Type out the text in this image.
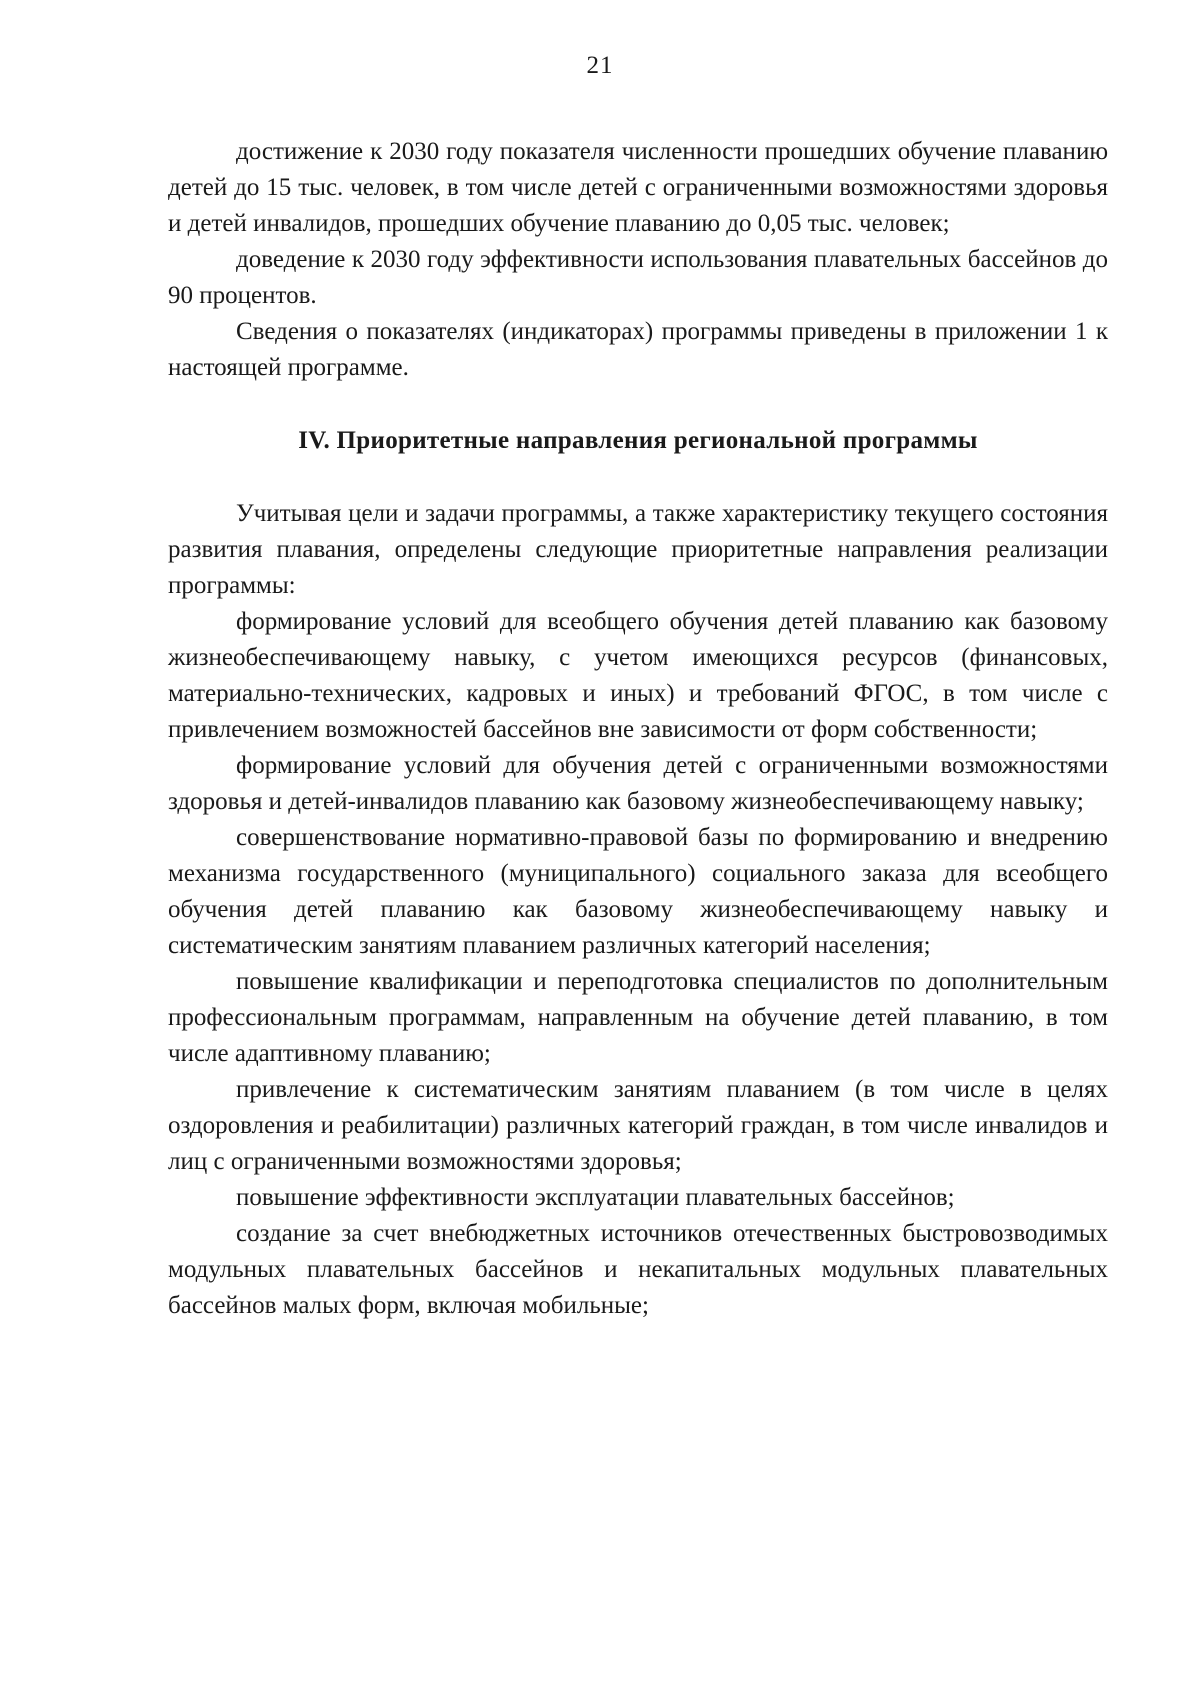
21

достижение к 2030 году показателя численности прошедших обучение плаванию детей до 15 тыс. человек, в том числе детей с ограниченными возможностями здоровья и детей инвалидов, прошедших обучение плаванию до 0,05 тыс. человек;

доведение к 2030 году эффективности использования плавательных бассейнов до 90 процентов.

Сведения о показателях (индикаторах) программы приведены в приложении 1 к настоящей программе.

IV. Приоритетные направления региональной программы

Учитывая цели и задачи программы, а также характеристику текущего состояния развития плавания, определены следующие приоритетные направления реализации программы:

формирование условий для всеобщего обучения детей плаванию как базовому жизнеобеспечивающему навыку, с учетом имеющихся ресурсов (финансовых, материально-технических, кадровых и иных) и требований ФГОС, в том числе с привлечением возможностей бассейнов вне зависимости от форм собственности;

формирование условий для обучения детей с ограниченными возможностями здоровья и детей-инвалидов плаванию как базовому жизнеобеспечивающему навыку;

совершенствование нормативно-правовой базы по формированию и внедрению механизма государственного (муниципального) социального заказа для всеобщего обучения детей плаванию как базовому жизнеобеспечивающему навыку и систематическим занятиям плаванием различных категорий населения;

повышение квалификации и переподготовка специалистов по дополнительным профессиональным программам, направленным на обучение детей плаванию, в том числе адаптивному плаванию;

привлечение к систематическим занятиям плаванием (в том числе в целях оздоровления и реабилитации) различных категорий граждан, в том числе инвалидов и лиц с ограниченными возможностями здоровья;

повышение эффективности эксплуатации плавательных бассейнов;

создание за счет внебюджетных источников отечественных быстровозводимых модульных плавательных бассейнов и некапитальных модульных плавательных бассейнов малых форм, включая мобильные;
